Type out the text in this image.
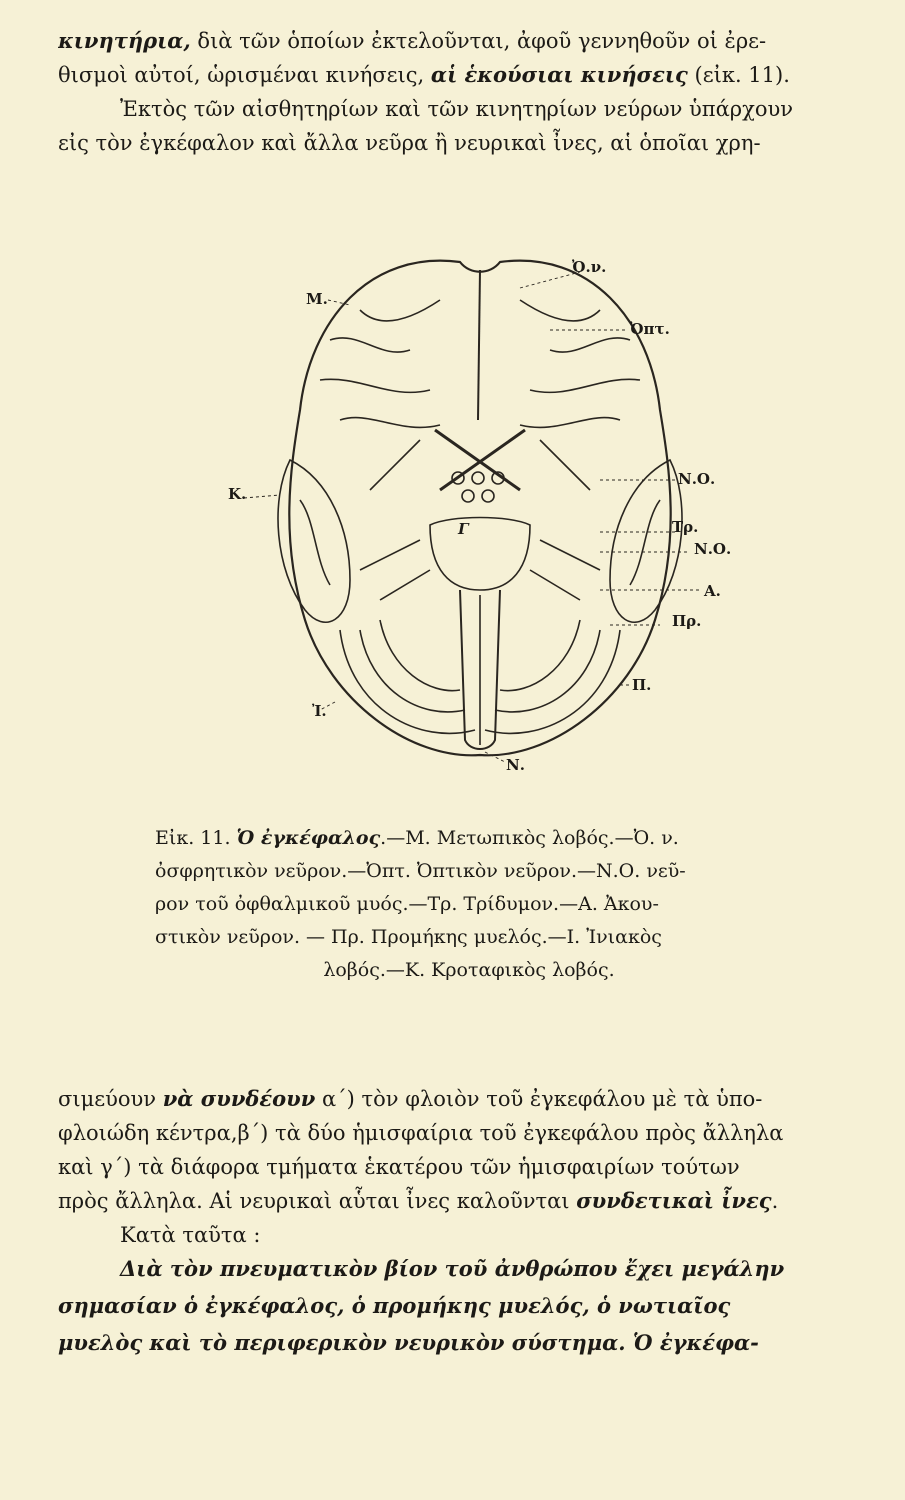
κινητήρια, διὰ τῶν ὁποίων ἐκτελοῦνται, ἀφοῦ γεννηθοῦν οἱ ἐρε-
θισμοὶ αὐτοί, ὡρισμέναι κινήσεις, αἱ ἑκούσιαι κινήσεις (εἰκ. 11).
Ἐκτὸς τῶν αἰσθητηρίων καὶ τῶν κινητηρίων νεύρων ὑπάρχουν
εἰς τὸν ἐγκέφαλον καὶ ἄλλα νεῦρα ἢ νευρικαὶ ἶνες, αἱ ὁποῖαι χρη-
Ὀ.ν.
Ὀπτ.
Μ.
Κ.
Ν.Ο.
Τρ.
Ν.Ο.
Α.
Πρ.
Π.
Ἰ.
Ν.
Γ
Εἰκ. 11. Ὁ ἐγκέφαλος.—Μ. Μετωπικὸς λοβός.—Ὀ. ν.
ὀσφρητικὸν νεῦρον.—Ὀπτ. Ὀπτικὸν νεῦρον.—Ν.Ο. νεῦ-
ρον τοῦ ὀφθαλμικοῦ μυός.—Τρ. Τρίδυμον.—Α. Ἀκου-
στικὸν νεῦρον. — Πρ. Προμήκης μυελός.—Ι. Ἰνιακὸς
λοβός.—Κ. Κροταφικὸς λοβός.
σιμεύουν νὰ συνδέουν α΄) τὸν φλοιὸν τοῦ ἐγκεφάλου μὲ τὰ ὑπο-
φλοιώδη κέντρα,β΄) τὰ δύο ἡμισφαίρια τοῦ ἐγκεφάλου πρὸς ἄλληλα
καὶ γ΄) τὰ διάφορα τμήματα ἑκατέρου τῶν ἡμισφαιρίων τούτων
πρὸς ἄλληλα. Αἱ νευρικαὶ αὗται ἶνες καλοῦνται συνδετικαὶ ἶνες.
Κατὰ ταῦτα :
Διὰ τὸν πνευματικὸν βίον τοῦ ἀνθρώπου ἔχει μεγάλην
σημασίαν ὁ ἐγκέφαλος, ὁ προμήκης μυελός, ὁ νωτιαῖος
μυελὸς καὶ τὸ περιφερικὸν νευρικὸν σύστημα. Ὁ ἐγκέφα-
